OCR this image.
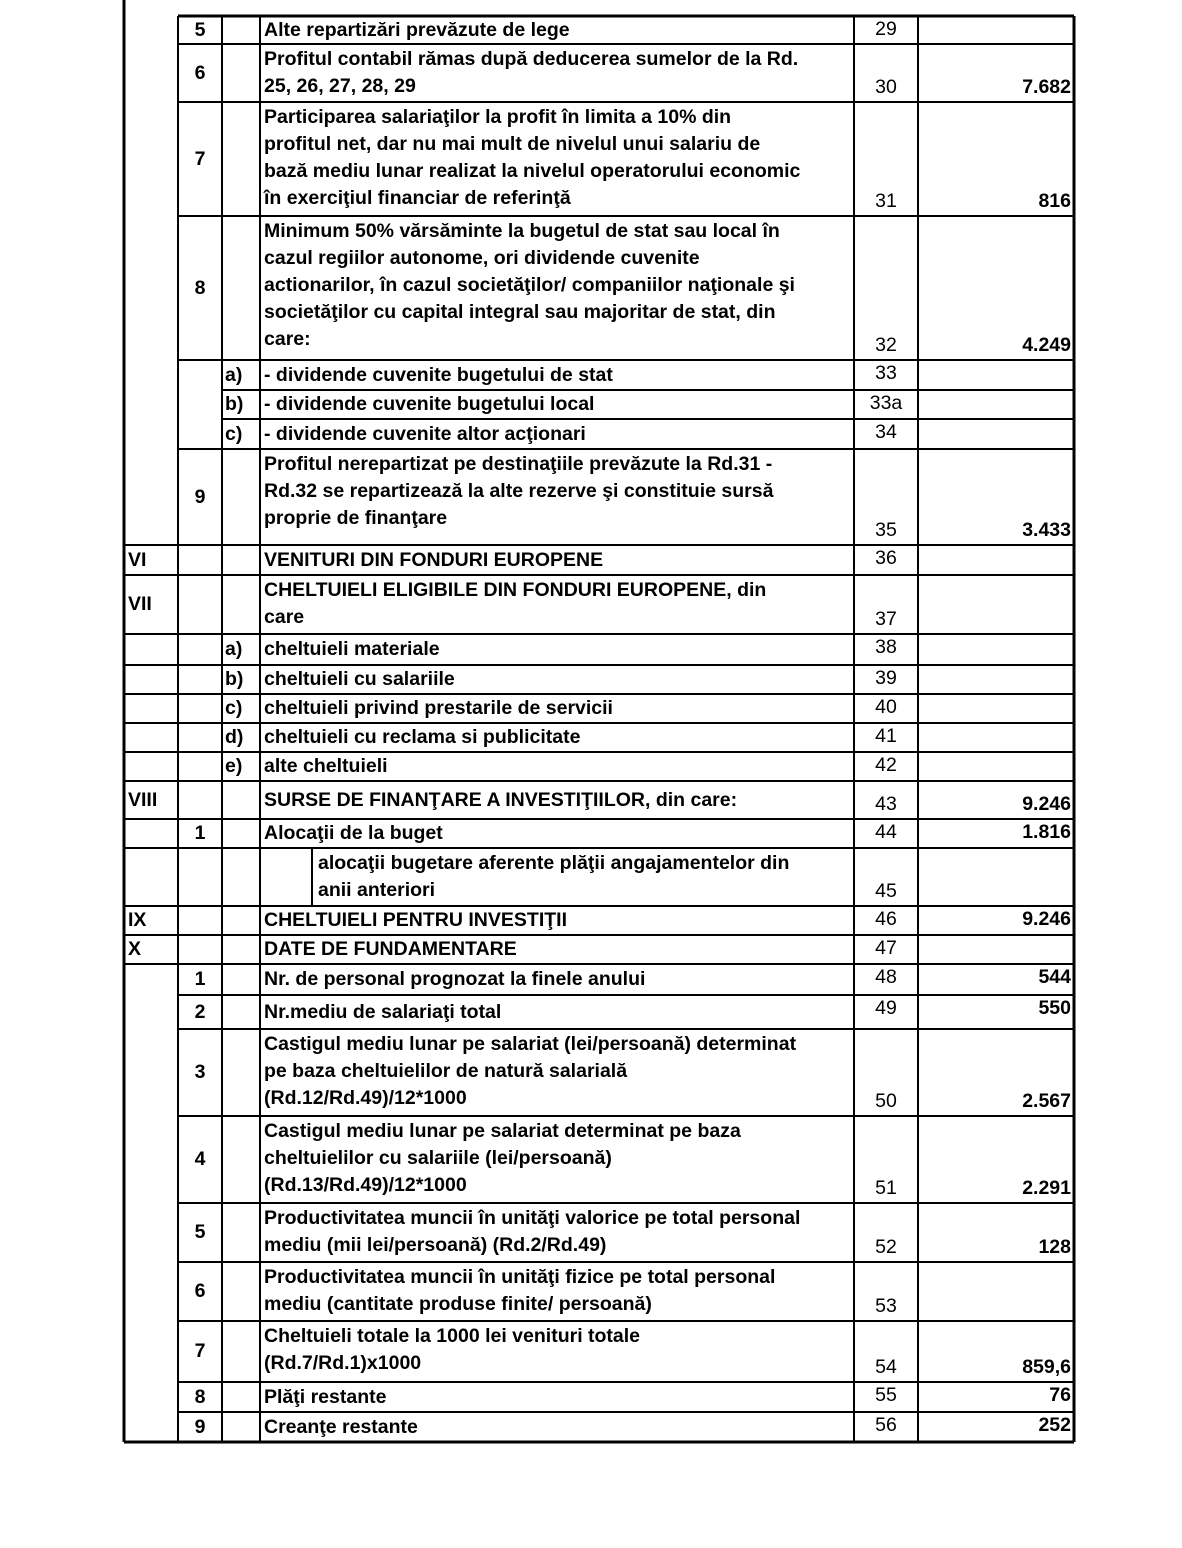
5	Alte repartizări prevăzute de lege	29
6
Profitul contabil rămas după deducerea sumelor de la Rd.
25, 26, 27, 28, 29	30	7.682
7
Participarea salariaţilor la profit în limita a 10% din
profitul net, dar nu mai mult de nivelul unui salariu de
bază mediu lunar realizat la nivelul operatorului economic
în exerciţiul financiar de referinţă	31	816
8
Minimum 50% vărsăminte la bugetul de stat sau local în
cazul regiilor autonome, ori dividende cuvenite
actionarilor, în cazul societăţilor/ companiilor naţionale şi
societăţilor cu capital integral sau majoritar de stat, din
care:	32	4.249
a)	- dividende cuvenite bugetului de stat	33
b)	- dividende cuvenite bugetului local	33a
c)	- dividende cuvenite altor acţionari	34
9
Profitul nerepartizat pe destinaţiile prevăzute la Rd.31 -
Rd.32 se repartizează la alte rezerve şi constituie sursă
proprie de finanţare
35	3.433
VI	VENITURI DIN FONDURI EUROPENE	36
VII
CHELTUIELI ELIGIBILE DIN FONDURI EUROPENE, din
care	37
a)	cheltuieli materiale	38
b)	cheltuieli cu salariile	39
c)	cheltuieli privind prestarile de servicii	40
d)	cheltuieli cu reclama si publicitate	41
e)	alte cheltuieli	42
VIII	SURSE DE FINANŢARE A INVESTIŢIILOR, din care:	43	9.246
1	Alocaţii de la buget	44	1.816
alocaţii bugetare aferente plăţii angajamentelor din
anii anteriori	45
IX	CHELTUIELI PENTRU INVESTIŢII	46	9.246
X	DATE DE FUNDAMENTARE	47
1	Nr. de personal prognozat la finele anului	48	544
2	Nr.mediu de salariaţi total	49	550
3
Castigul mediu lunar pe salariat (lei/persoană) determinat
pe baza cheltuielilor de natură salarială
(Rd.12/Rd.49)/12*1000	50	2.567
4
Castigul mediu lunar pe salariat determinat pe baza
cheltuielilor cu salariile (lei/persoană)
(Rd.13/Rd.49)/12*1000	51	2.291
5
Productivitatea muncii în unităţi valorice pe total personal
mediu (mii lei/persoană) (Rd.2/Rd.49)	52	128
6
Productivitatea muncii în unităţi fizice pe total personal
mediu (cantitate produse finite/ persoană)	53
7
Cheltuieli totale la 1000 lei venituri totale
(Rd.7/Rd.1)x1000	54	859,6
8	Plăţi restante	55	76
9	Creanţe restante	56	252
